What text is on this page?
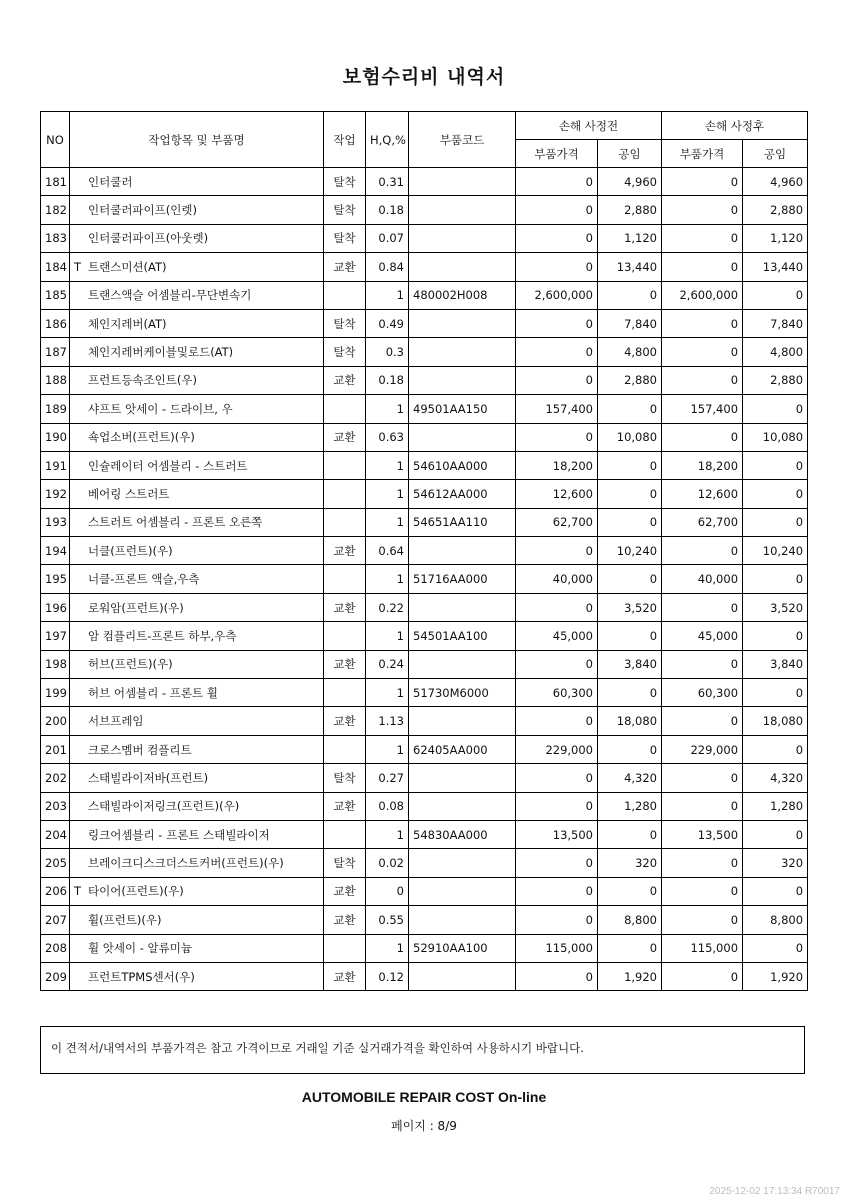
보험수리비 내역서
NO	작업항목 및 부품명	작업	H,Q,%	부품코드	손해 사정전		손해 사정후	
					부품가격	공임	부품가격	공임
181	인터쿨러	탈착	0.31		0	4,960	0	4,960
182	인터쿨러파이프(인렛)	탈착	0.18		0	2,880	0	2,880
183	인터쿨러파이프(아웃렛)	탈착	0.07		0	1,120	0	1,120
184	T 트랜스미션(AT)	교환	0.84		0	13,440	0	13,440
185	트랜스액슬 어셈블리-무단변속기		1	480002H008	2,600,000	0	2,600,000	0
186	체인지레버(AT)	탈착	0.49		0	7,840	0	7,840
187	체인지레버케이블및로드(AT)	탈착	0.3		0	4,800	0	4,800
188	프런트등속조인트(우)	교환	0.18		0	2,880	0	2,880
189	샤프트 앗세이 - 드라이브, 우		1	49501AA150	157,400	0	157,400	0
190	쇽업소버(프런트)(우)	교환	0.63		0	10,080	0	10,080
191	인슐레이터 어셈블리 - 스트러트		1	54610AA000	18,200	0	18,200	0
192	베어링 스트러트		1	54612AA000	12,600	0	12,600	0
193	스트러트 어셈블리 - 프론트 오른쪽		1	54651AA110	62,700	0	62,700	0
194	너클(프런트)(우)	교환	0.64		0	10,240	0	10,240
195	너클-프론트 액슬,우측		1	51716AA000	40,000	0	40,000	0
196	로워암(프런트)(우)	교환	0.22		0	3,520	0	3,520
197	암 컴플리트-프론트 하부,우측		1	54501AA100	45,000	0	45,000	0
198	허브(프런트)(우)	교환	0.24		0	3,840	0	3,840
199	허브 어셈블리 - 프론트 휠		1	51730M6000	60,300	0	60,300	0
200	서브프레임	교환	1.13		0	18,080	0	18,080
201	크로스멤버 컴플리트		1	62405AA000	229,000	0	229,000	0
202	스태빌라이저바(프런트)	탈착	0.27		0	4,320	0	4,320
203	스태빌라이저링크(프런트)(우)	교환	0.08		0	1,280	0	1,280
204	링크어셈블리 - 프론트 스태빌라이저		1	54830AA000	13,500	0	13,500	0
205	브레이크디스크더스트커버(프런트)(우)	탈착	0.02		0	320	0	320
206	T 타이어(프런트)(우)	교환	0		0	0	0	0
207	휠(프런트)(우)	교환	0.55		0	8,800	0	8,800
208	휠 앗세이 - 알류미늄		1	52910AA100	115,000	0	115,000	0
209	프런트TPMS센서(우)	교환	0.12		0	1,920	0	1,920
이 견적서/내역서의 부품가격은 참고 가격이므로 거래일 기준 실거래가격을 확인하여 사용하시기 바랍니다.
AUTOMOBILE REPAIR COST On-line
페이지 : 8/9
2025-12-02 17:13:34 R70017
